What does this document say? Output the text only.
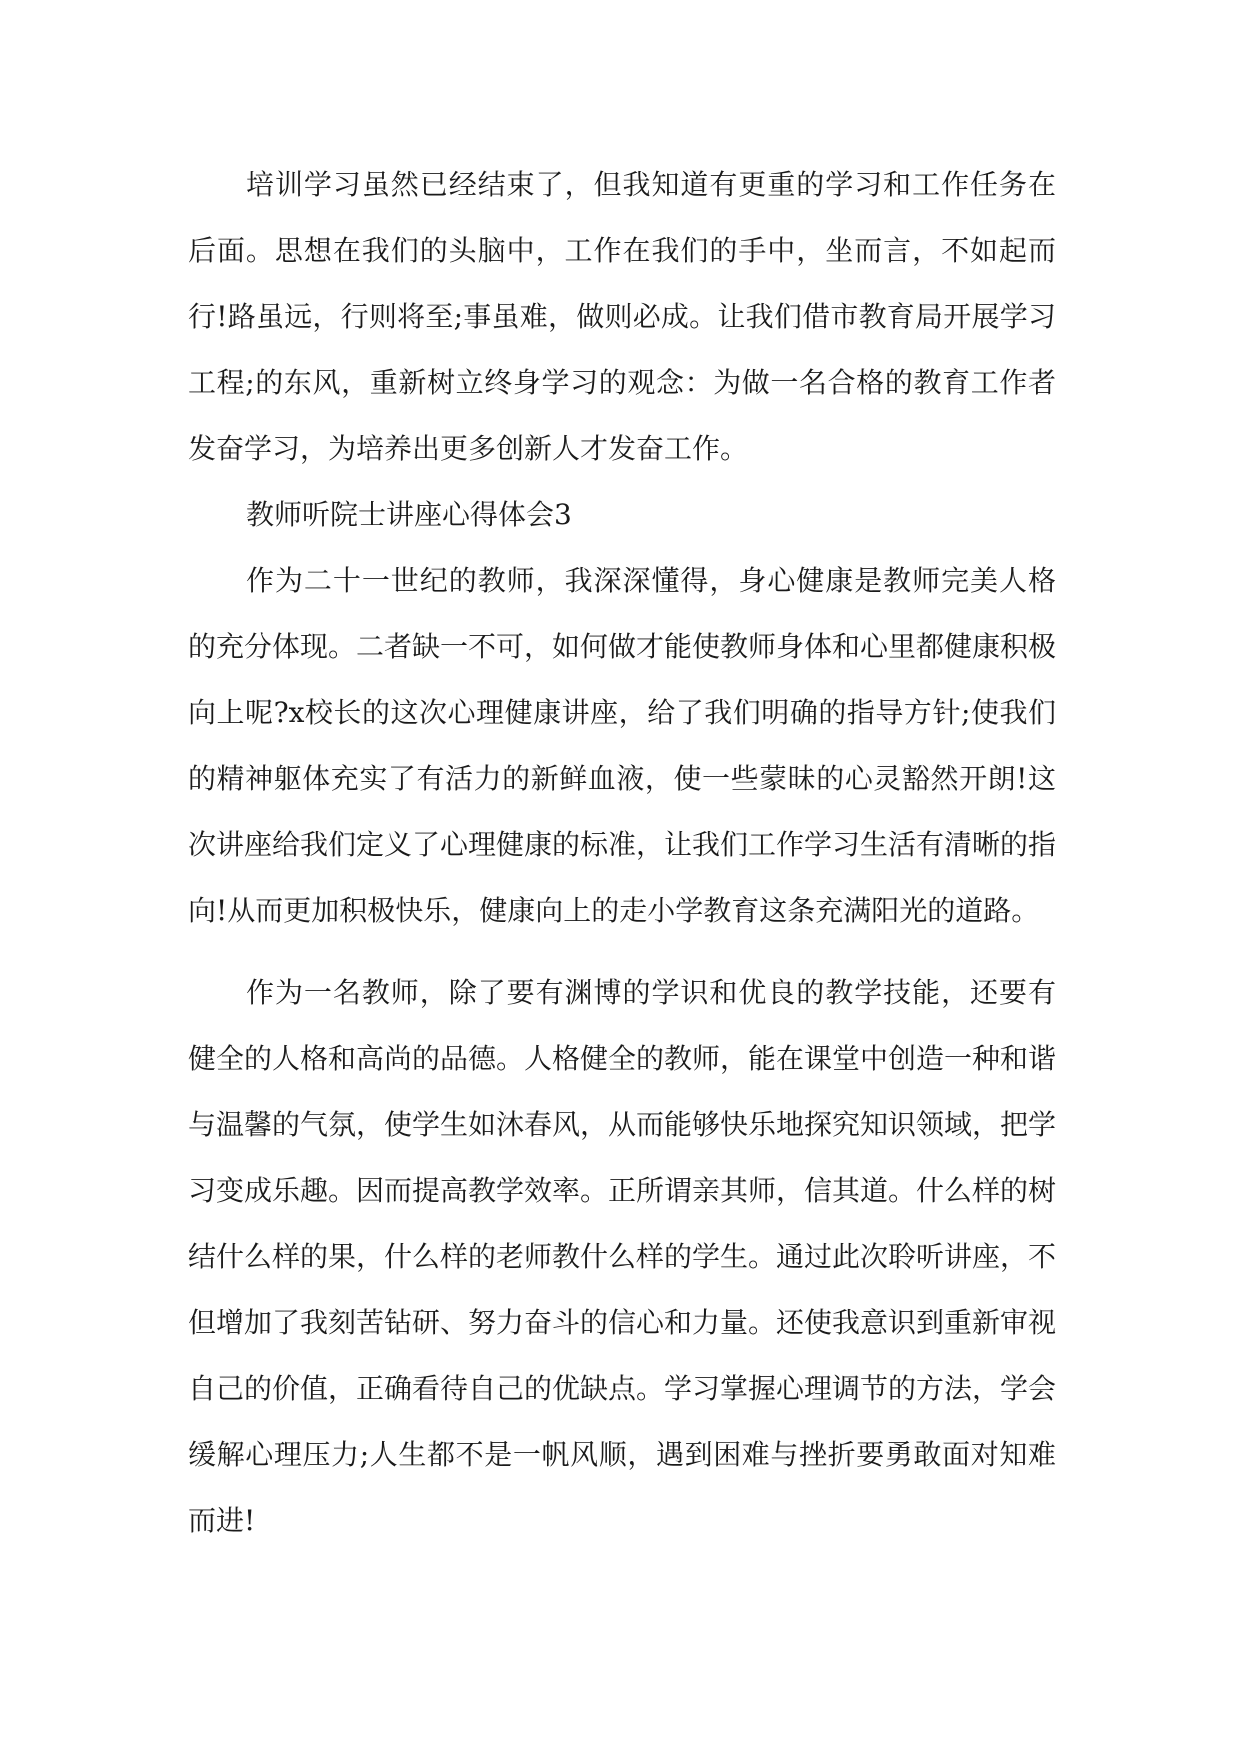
培训学习虽然已经结束了，但我知道有更重的学习和工作任务在后面。思想在我们的头脑中，工作在我们的手中，坐而言，不如起而行!路虽远，行则将至;事虽难，做则必成。让我们借市教育局开展学习工程;的东风，重新树立终身学习的观念：为做一名合格的教育工作者发奋学习，为培养出更多创新人才发奋工作。

教师听院士讲座心得体会3

作为二十一世纪的教师，我深深懂得，身心健康是教师完美人格的充分体现。二者缺一不可，如何做才能使教师身体和心里都健康积极向上呢?x校长的这次心理健康讲座，给了我们明确的指导方针;使我们的精神躯体充实了有活力的新鲜血液，使一些蒙昧的心灵豁然开朗!这次讲座给我们定义了心理健康的标准，让我们工作学习生活有清晰的指向!从而更加积极快乐，健康向上的走小学教育这条充满阳光的道路。

作为一名教师，除了要有渊博的学识和优良的教学技能，还要有健全的人格和高尚的品德。人格健全的教师，能在课堂中创造一种和谐与温馨的气氛，使学生如沐春风，从而能够快乐地探究知识领域，把学习变成乐趣。因而提高教学效率。正所谓亲其师，信其道。什么样的树结什么样的果，什么样的老师教什么样的学生。通过此次聆听讲座，不但增加了我刻苦钻研、努力奋斗的信心和力量。还使我意识到重新审视自己的价值，正确看待自己的优缺点。学习掌握心理调节的方法，学会缓解心理压力;人生都不是一帆风顺，遇到困难与挫折要勇敢面对知难而进!
